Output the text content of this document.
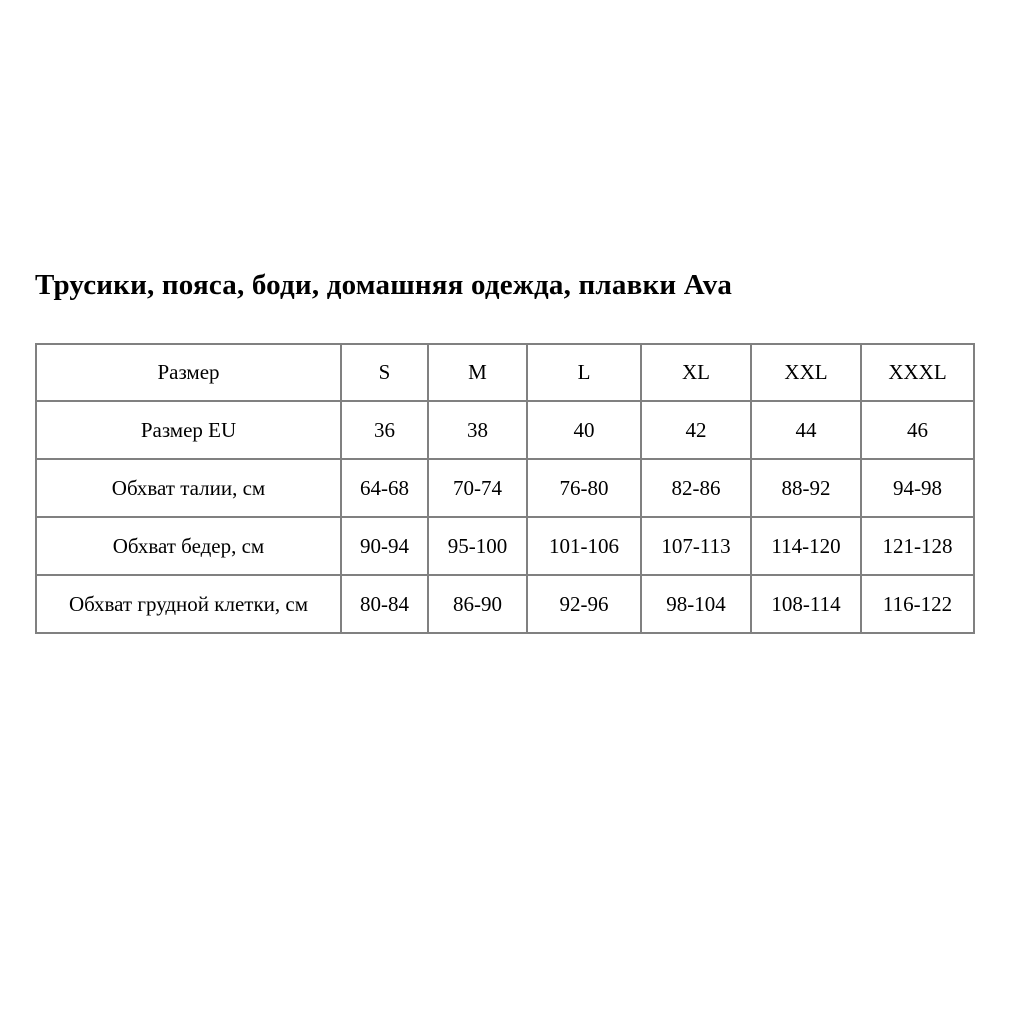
Трусики, пояса, боди, домашняя одежда, плавки Ava
Размер	S	M	L	XL	XXL	XXXL
Размер EU	36	38	40	42	44	46
Обхват талии, см	64-68	70-74	76-80	82-86	88-92	94-98
Обхват бедер, см	90-94	95-100	101-106	107-113	114-120	121-128
Обхват грудной клетки, см	80-84	86-90	92-96	98-104	108-114	116-122
